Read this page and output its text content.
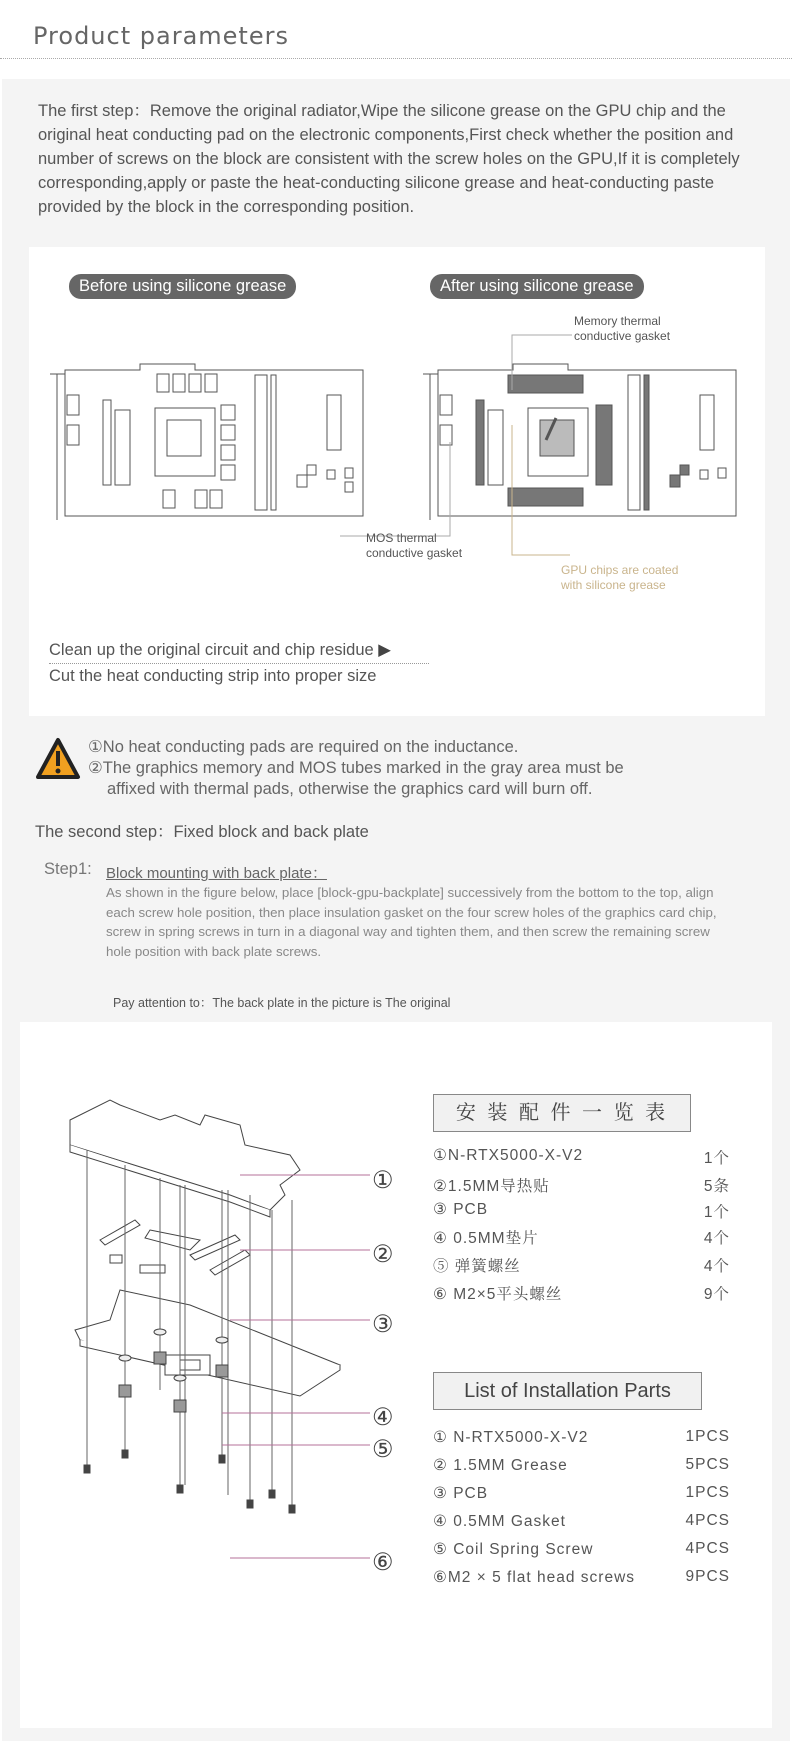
Product parameters
The first step：Remove the original radiator,Wipe the silicone grease on the GPU chip and the original heat conducting pad on the electronic components,First check whether the position and number of screws on the block are consistent with the screw holes on the GPU,If it is completely corresponding,apply or paste the heat-conducting silicone grease and heat-conducting paste provided by the block in the corresponding position.
Before using silicone grease	After using silicone grease
Memory thermal conductive gasket
MOS thermal conductive gasket
GPU chips are coated with silicone grease
Clean up the original circuit and chip residue ▶
Cut the heat conducting strip into proper size
①No heat conducting pads are required on the inductance.
②The graphics memory and MOS tubes marked in the gray area must be
affixed with thermal pads, otherwise the graphics card will burn off.
The second step：Fixed block and back plate
Step1: Block mounting with back plate：
As shown in the figure below, place [block-gpu-backplate] successively from the bottom to the top, align each screw hole position, then place insulation gasket on the four screw holes of the graphics card chip, screw in spring screws in turn in a diagonal way and tighten them, and then screw the remaining screw hole position with back plate screws.
Pay attention to：The back plate in the picture is The original
①
②
③
④
⑤
⑥
安 装 配 件 一 览 表
①N-RTX5000-X-V2	1个
②1.5MM导热贴	5条
③ PCB	1个
④ 0.5MM垫片	4个
⑤ 弹簧螺丝	4个
⑥ M2×5平头螺丝	9个
List of Installation Parts
① N-RTX5000-X-V2	1PCS
② 1.5MM Grease	5PCS
③ PCB	1PCS
④ 0.5MM Gasket	4PCS
⑤ Coil Spring Screw	4PCS
⑥M2 × 5 flat head screws	9PCS
